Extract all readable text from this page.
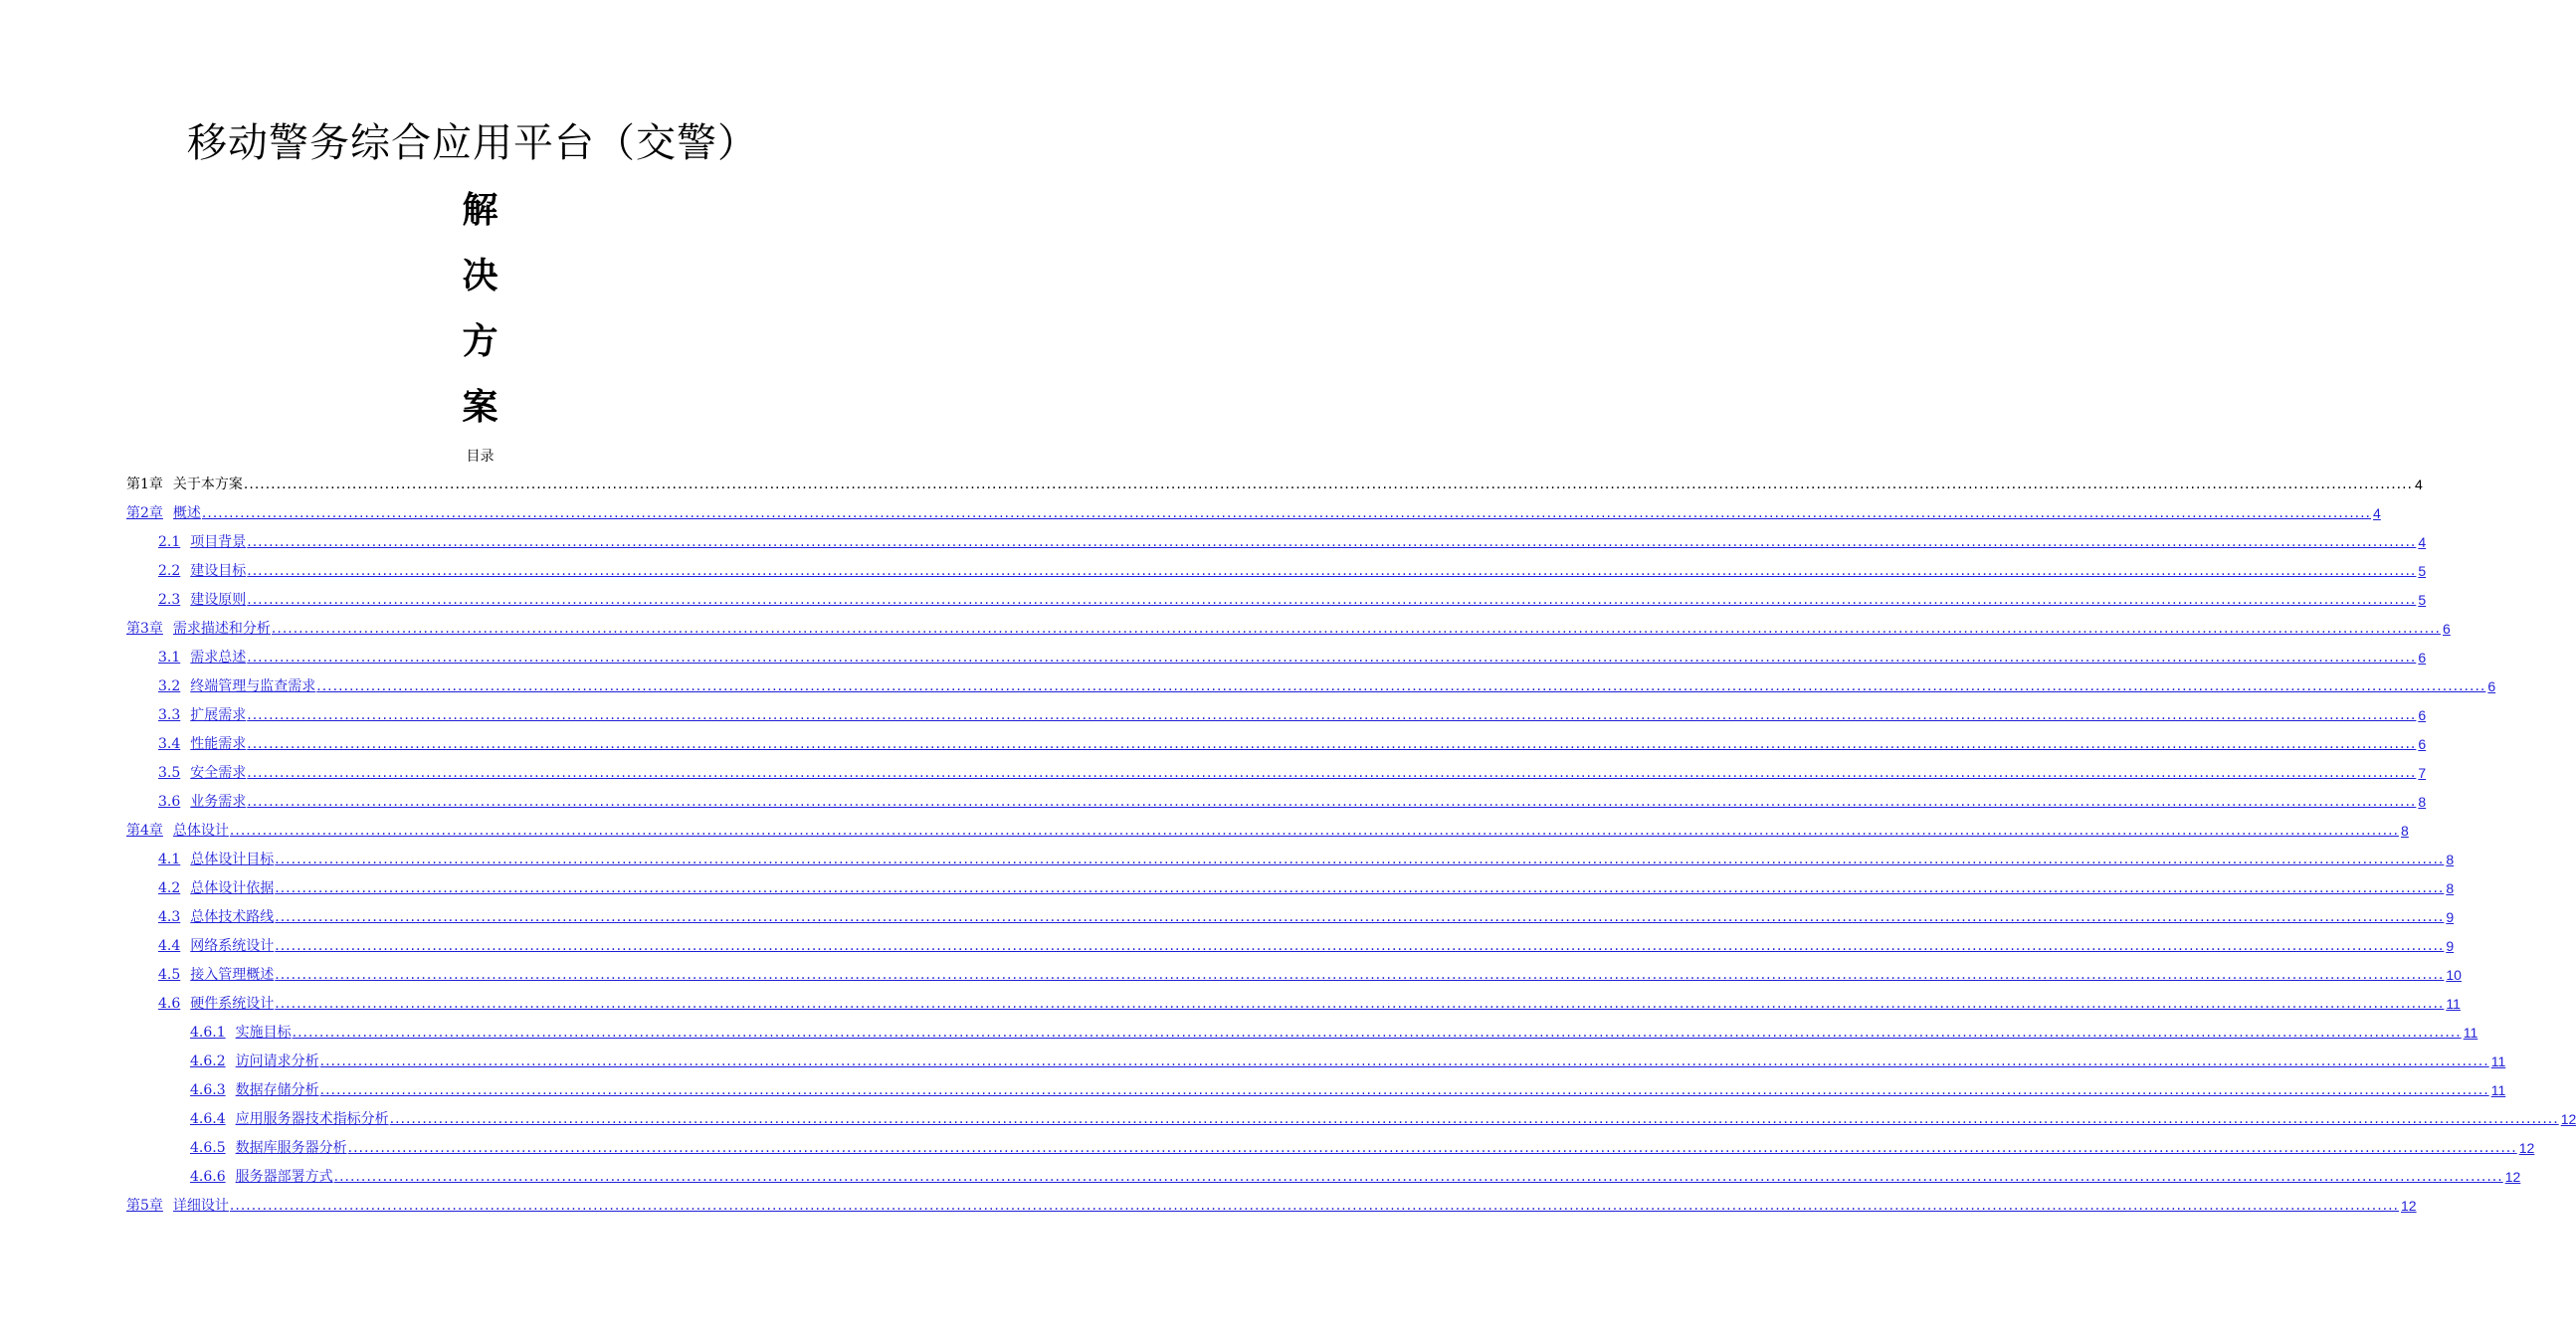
移动警务综合应用平台（交警）
解
决
方
案
目录
第1章 关于本方案 ................................................................................................................................................................................................................................................................................................................................................................................................................ 4
第2章 概述 ................................................................................................................................................................................................................................................................................................................................................................................................................ 4
2.1 项目背景 ................................................................................................................................................................................................................................................................................................................................................................................................................ 4
2.2 建设目标 ................................................................................................................................................................................................................................................................................................................................................................................................................ 5
2.3 建设原则 ................................................................................................................................................................................................................................................................................................................................................................................................................ 5
第3章 需求描述和分析 ................................................................................................................................................................................................................................................................................................................................................................................................................ 6
3.1 需求总述 ................................................................................................................................................................................................................................................................................................................................................................................................................ 6
3.2 终端管理与监查需求 ................................................................................................................................................................................................................................................................................................................................................................................................................ 6
3.3 扩展需求 ................................................................................................................................................................................................................................................................................................................................................................................................................ 6
3.4 性能需求 ................................................................................................................................................................................................................................................................................................................................................................................................................ 6
3.5 安全需求 ................................................................................................................................................................................................................................................................................................................................................................................................................ 7
3.6 业务需求 ................................................................................................................................................................................................................................................................................................................................................................................................................ 8
第4章 总体设计 ................................................................................................................................................................................................................................................................................................................................................................................................................ 8
4.1 总体设计目标 ................................................................................................................................................................................................................................................................................................................................................................................................................ 8
4.2 总体设计依据 ................................................................................................................................................................................................................................................................................................................................................................................................................ 8
4.3 总体技术路线 ................................................................................................................................................................................................................................................................................................................................................................................................................ 9
4.4 网络系统设计 ................................................................................................................................................................................................................................................................................................................................................................................................................ 9
4.5 接入管理概述 ................................................................................................................................................................................................................................................................................................................................................................................................................ 10
4.6 硬件系统设计 ................................................................................................................................................................................................................................................................................................................................................................................................................ 11
4.6.1 实施目标 ................................................................................................................................................................................................................................................................................................................................................................................................................ 11
4.6.2 访问请求分析 ................................................................................................................................................................................................................................................................................................................................................................................................................ 11
4.6.3 数据存储分析 ................................................................................................................................................................................................................................................................................................................................................................................................................ 11
4.6.4 应用服务器技术指标分析 ................................................................................................................................................................................................................................................................................................................................................................................................................ 12
4.6.5 数据库服务器分析 ................................................................................................................................................................................................................................................................................................................................................................................................................ 12
4.6.6 服务器部署方式 ................................................................................................................................................................................................................................................................................................................................................................................................................ 12
第5章 详细设计 ................................................................................................................................................................................................................................................................................................................................................................................................................ 12
